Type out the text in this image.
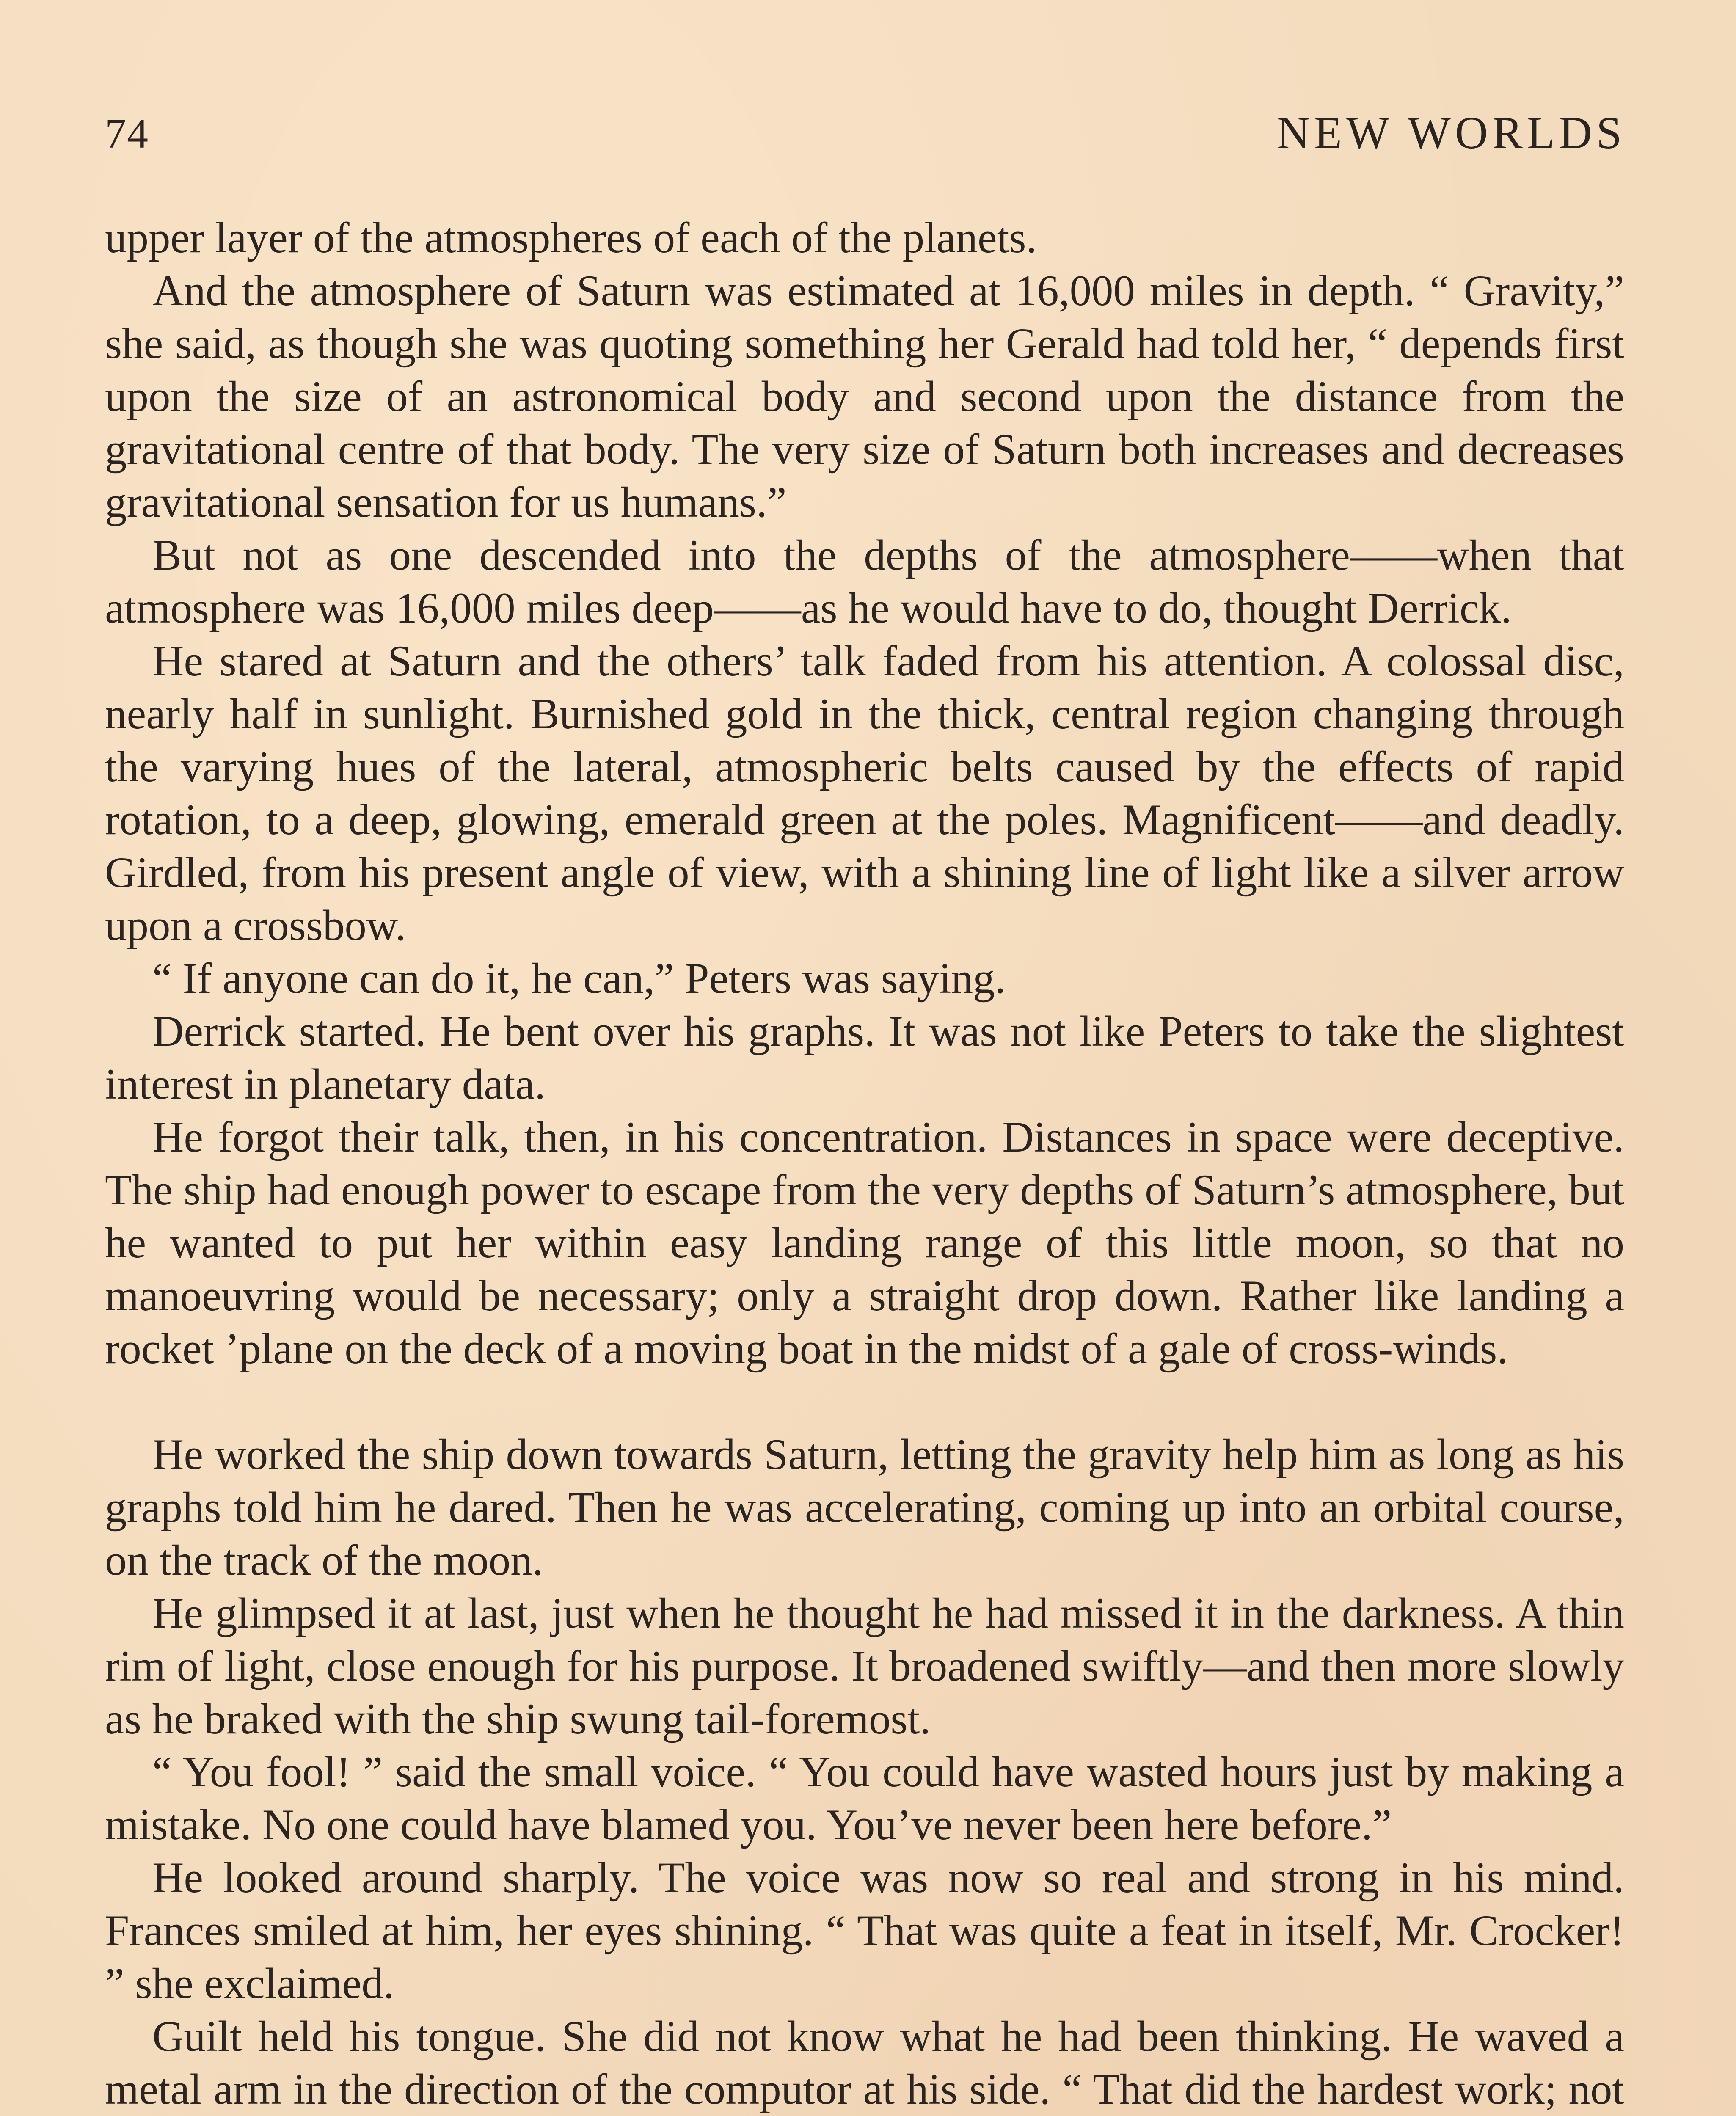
74	NEW WORLDS

upper layer of the atmospheres of each of the planets.

And the atmosphere of Saturn was estimated at 16,000 miles in depth. “ Gravity,” she said, as though she was quoting something her Gerald had told her, “ depends first upon the size of an astronomical body and second upon the distance from the gravitational centre of that body. The very size of Saturn both increases and decreases gravitational sensation for us humans.”

But not as one descended into the depths of the atmosphere——when that atmosphere was 16,000 miles deep——as he would have to do, thought Derrick.

He stared at Saturn and the others’ talk faded from his attention. A colossal disc, nearly half in sunlight. Burnished gold in the thick, central region changing through the varying hues of the lateral, atmospheric belts caused by the effects of rapid rotation, to a deep, glowing, emerald green at the poles. Magnificent——and deadly. Girdled, from his present angle of view, with a shining line of light like a silver arrow upon a crossbow.

“ If anyone can do it, he can,” Peters was saying.

Derrick started. He bent over his graphs. It was not like Peters to take the slightest interest in planetary data.

He forgot their talk, then, in his concentration. Distances in space were deceptive. The ship had enough power to escape from the very depths of Saturn’s atmosphere, but he wanted to put her within easy landing range of this little moon, so that no manoeuvring would be necessary; only a straight drop down. Rather like landing a rocket ’plane on the deck of a moving boat in the midst of a gale of cross-winds.

He worked the ship down towards Saturn, letting the gravity help him as long as his graphs told him he dared. Then he was accelerating, coming up into an orbital course, on the track of the moon.

He glimpsed it at last, just when he thought he had missed it in the darkness. A thin rim of light, close enough for his purpose. It broadened swiftly—and then more slowly as he braked with the ship swung tail-foremost.

“ You fool! ” said the small voice. “ You could have wasted hours just by making a mistake. No one could have blamed you. You’ve never been here before.”

He looked around sharply. The voice was now so real and strong in his mind. Frances smiled at him, her eyes shining. “ That was quite a feat in itself, Mr. Crocker! ” she exclaimed.

Guilt held his tongue. She did not know what he had been thinking. He waved a metal arm in the direction of the computor at his side. “ That did the hardest work; not
